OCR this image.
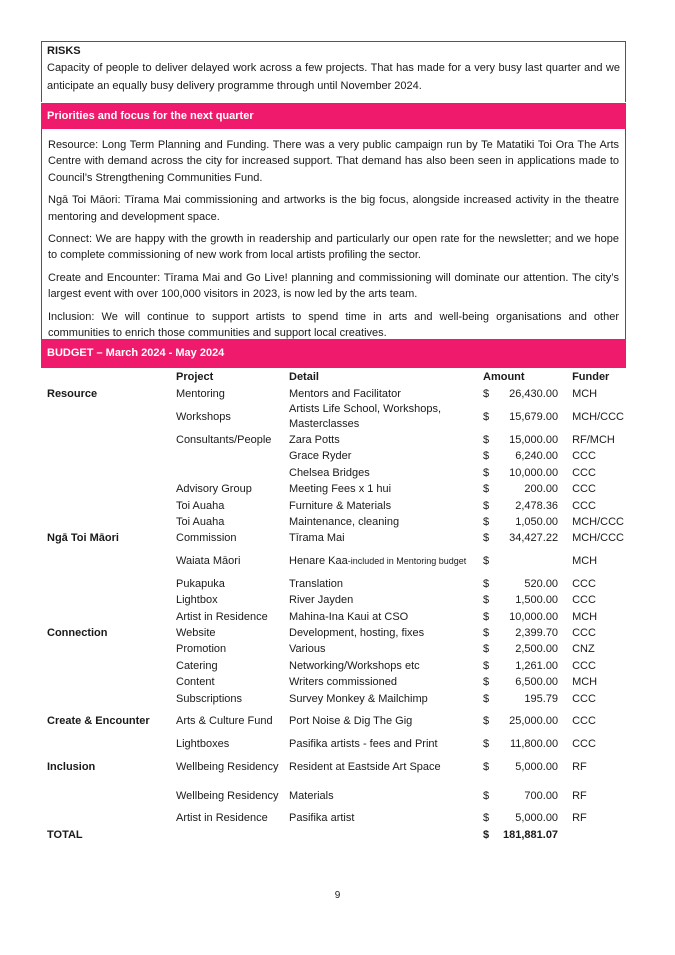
RISKS

Capacity of people to deliver delayed work across a few projects. That has made for a very busy last quarter and we anticipate an equally busy delivery programme through until November 2024.

Priorities and focus for the next quarter

Resource: Long Term Planning and Funding. There was a very public campaign run by Te Matatiki Toi Ora The Arts Centre with demand across the city for increased support. That demand has also been seen in applications made to Council’s Strengthening Communities Fund.

Ngā Toi Māori: Tīrama Mai commissioning and artworks is the big focus, alongside increased activity in the theatre mentoring and development space.

Connect: We are happy with the growth in readership and particularly our open rate for the newsletter; and we hope to complete commissioning of new work from local artists profiling the sector.

Create and Encounter: Tīrama Mai and Go Live! planning and commissioning will dominate our attention. The city’s largest event with over 100,000 visitors in 2023, is now led by the arts team.

Inclusion: We will continue to support artists to spend time in arts and well-being organisations and other communities to enrich those communities and support local creatives.

BUDGET – March 2024 - May 2024
	Project	Detail	Amount		Funder
Resource	Mentoring	Mentors and Facilitator	$	26,430.00	MCH
	Workshops	Artists Life School, Workshops, Masterclasses	$	15,679.00	MCH/CCC
	Consultants/People	Zara Potts	$	15,000.00	RF/MCH
		Grace Ryder	$	6,240.00	CCC
		Chelsea Bridges	$	10,000.00	CCC
	Advisory Group	Meeting Fees x 1 hui	$	200.00	CCC
	Toi Auaha	Furniture & Materials	$	2,478.36	CCC
	Toi Auaha	Maintenance, cleaning	$	1,050.00	MCH/CCC
Ngā Toi Māori	Commission	Tīrama Mai	$	34,427.22	MCH/CCC
	Waiata Māori	Henare Kaa-included in Mentoring budget	$		MCH
	Pukapuka	Translation	$	520.00	CCC
	Lightbox	River Jayden	$	1,500.00	CCC
	Artist in Residence	Mahina-Ina Kaui at CSO	$	10,000.00	MCH
Connection	Website	Development, hosting, fixes	$	2,399.70	CCC
	Promotion	Various	$	2,500.00	CNZ
	Catering	Networking/Workshops etc	$	1,261.00	CCC
	Content	Writers commissioned	$	6,500.00	MCH
	Subscriptions	Survey Monkey & Mailchimp	$	195.79	CCC
Create & Encounter	Arts & Culture Fund	Port Noise & Dig The Gig	$	25,000.00	CCC
	Lightboxes	Pasifika artists - fees and Print	$	11,800.00	CCC
Inclusion	Wellbeing Residency	Resident at Eastside Art Space	$	5,000.00	RF
	Wellbeing Residency	Materials	$	700.00	RF
	Artist in Residence	Pasifika artist	$	5,000.00	RF
TOTAL			$	181,881.07	
9
